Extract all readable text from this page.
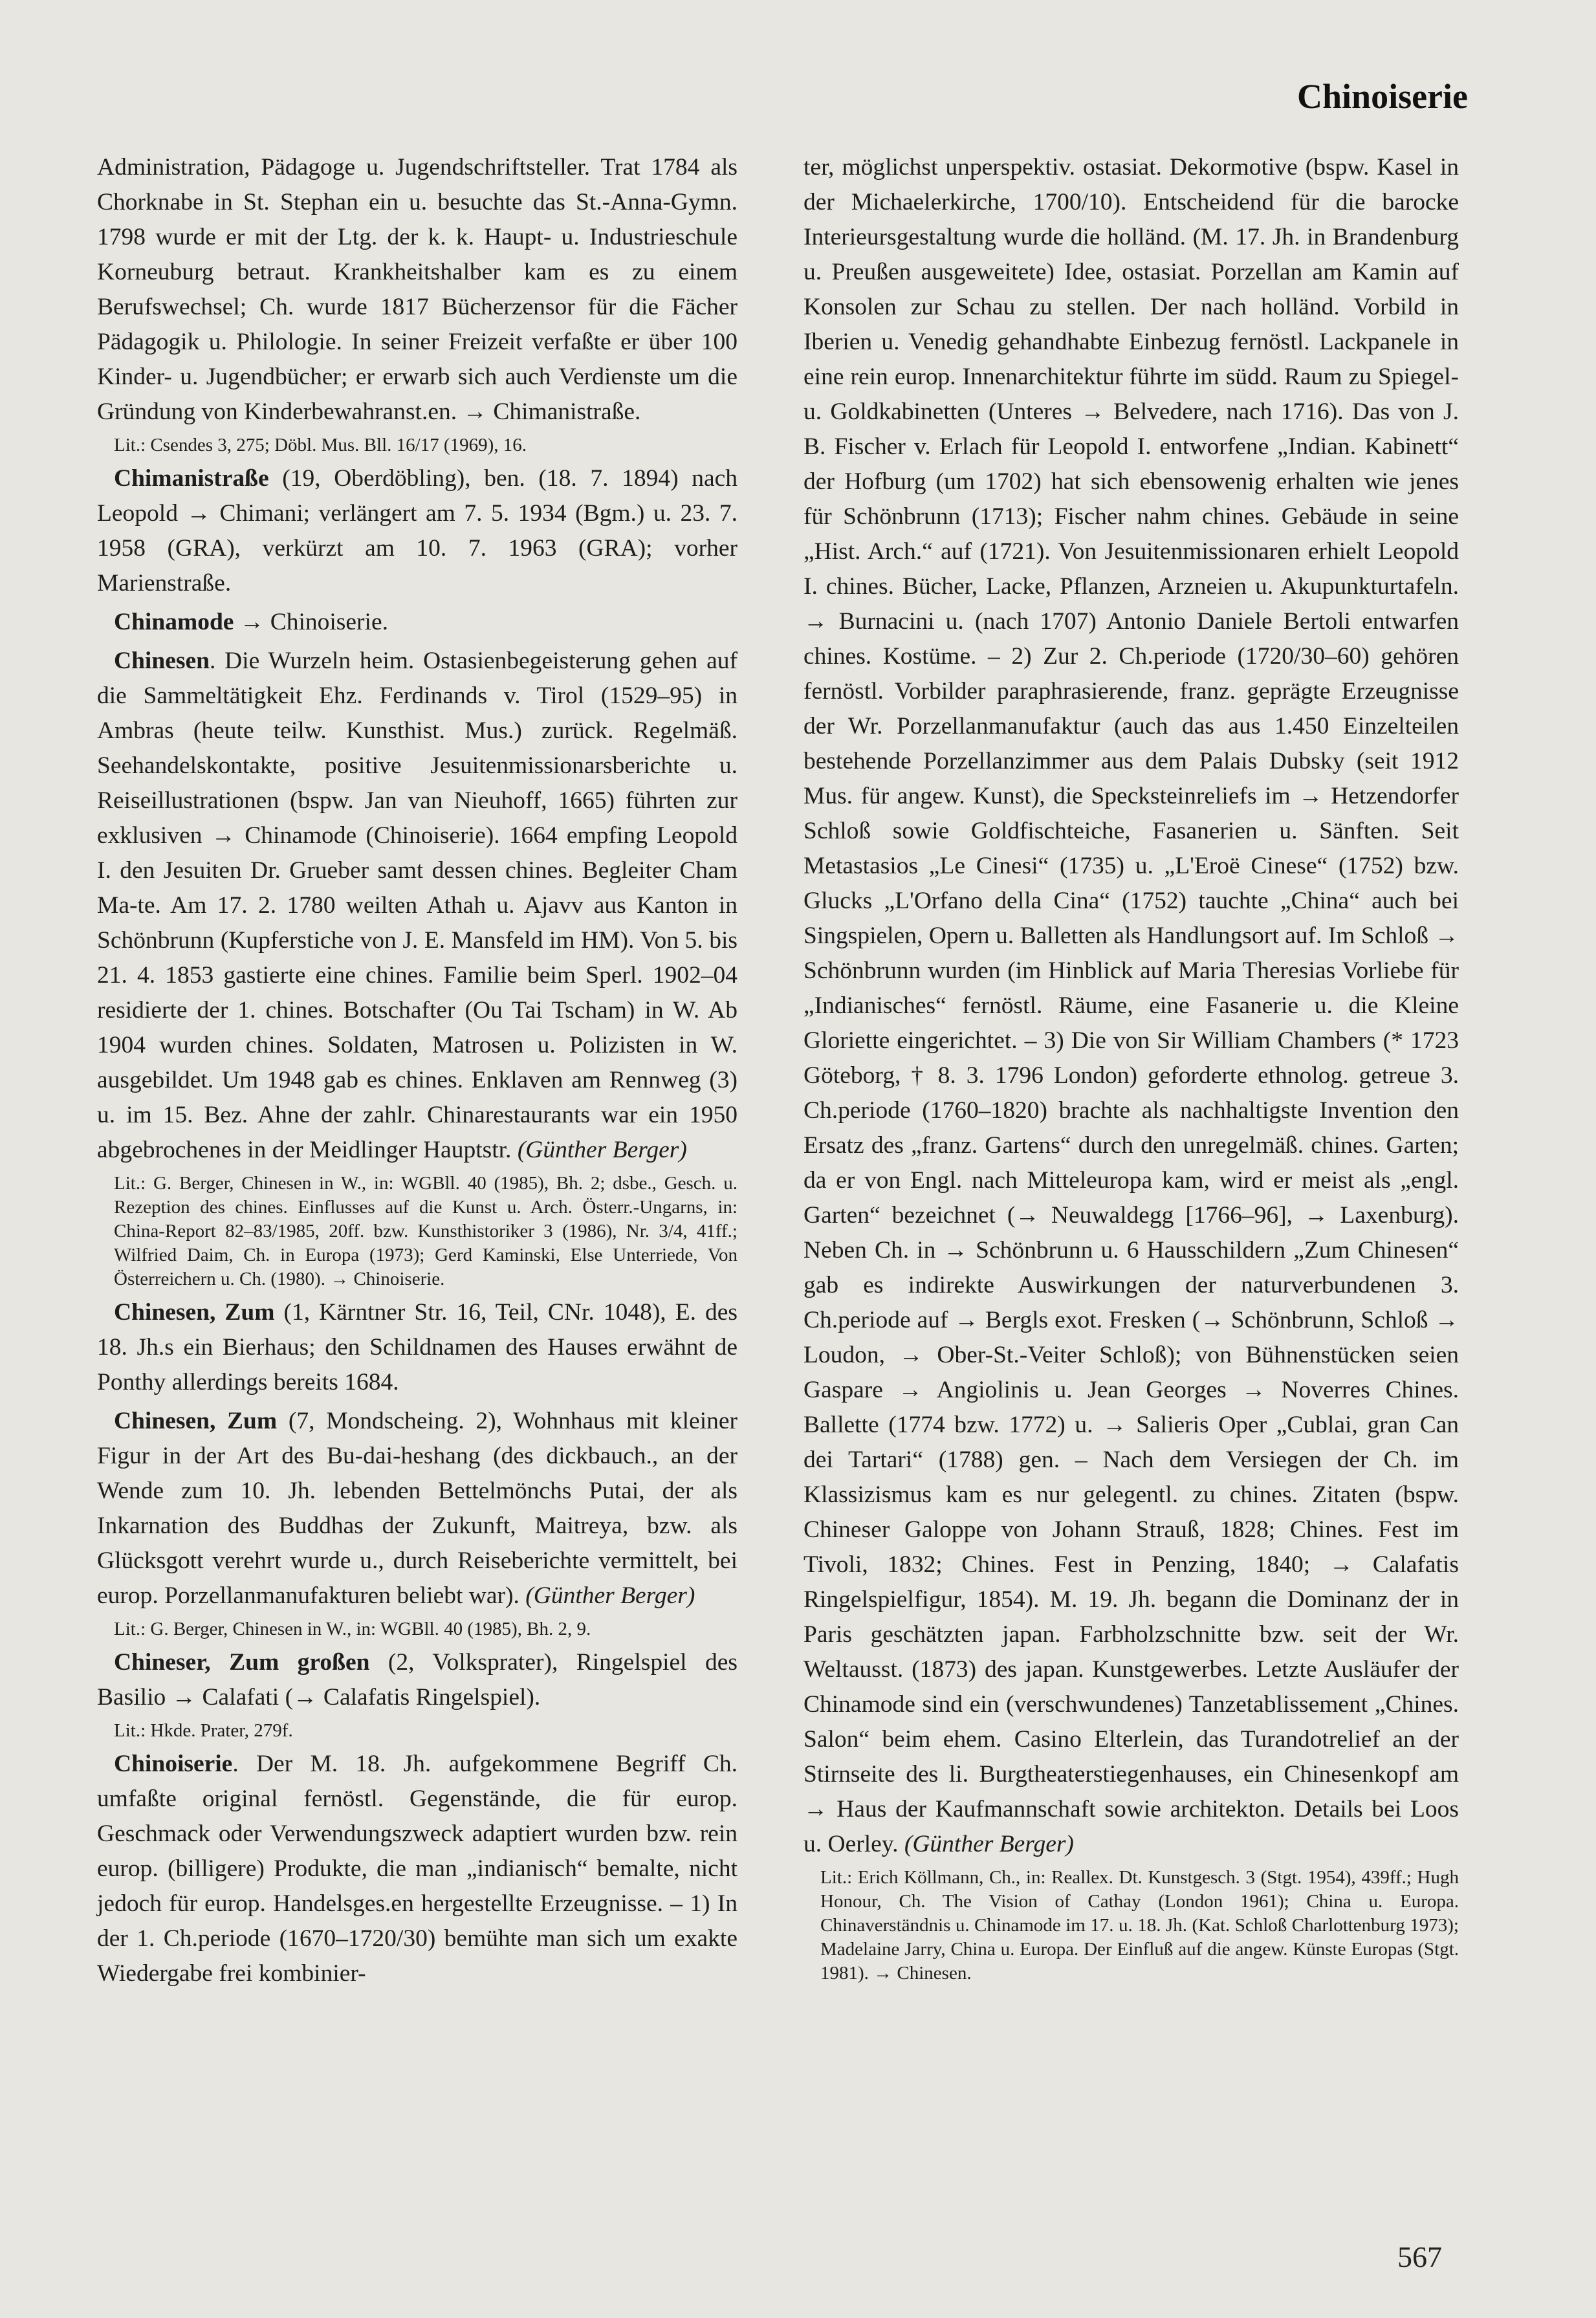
Chinoiserie

Administration, Pädagoge u. Jugendschriftsteller. Trat 1784 als Chorknabe in St. Stephan ein u. besuchte das St.-Anna-Gymn. 1798 wurde er mit der Ltg. der k. k. Haupt- u. Industrieschule Korneuburg betraut. Krankheitshalber kam es zu einem Berufswechsel; Ch. wurde 1817 Bücherzensor für die Fächer Pädagogik u. Philologie. In seiner Freizeit verfaßte er über 100 Kinder- u. Jugendbücher; er erwarb sich auch Verdienste um die Gründung von Kinderbewahranst.en. → Chimanistraße.

Lit.: Csendes 3, 275; Döbl. Mus. Bll. 16/17 (1969), 16.

Chimanistraße (19, Oberdöbling), ben. (18. 7. 1894) nach Leopold → Chimani; verlängert am 7. 5. 1934 (Bgm.) u. 23. 7. 1958 (GRA), verkürzt am 10. 7. 1963 (GRA); vorher Marienstraße.

Chinamode → Chinoiserie.

Chinesen. Die Wurzeln heim. Ostasienbegeisterung gehen auf die Sammeltätigkeit Ehz. Ferdinands v. Tirol (1529–95) in Ambras (heute teilw. Kunsthist. Mus.) zurück. Regelmäß. Seehandelskontakte, positive Jesuitenmissionarsberichte u. Reiseillustrationen (bspw. Jan van Nieuhoff, 1665) führten zur exklusiven → Chinamode (Chinoiserie). 1664 empfing Leopold I. den Jesuiten Dr. Grueber samt dessen chines. Begleiter Cham Ma-te. Am 17. 2. 1780 weilten Athah u. Ajavv aus Kanton in Schönbrunn (Kupferstiche von J. E. Mansfeld im HM). Von 5. bis 21. 4. 1853 gastierte eine chines. Familie beim Sperl. 1902–04 residierte der 1. chines. Botschafter (Ou Tai Tscham) in W. Ab 1904 wurden chines. Soldaten, Matrosen u. Polizisten in W. ausgebildet. Um 1948 gab es chines. Enklaven am Rennweg (3) u. im 15. Bez. Ahne der zahlr. Chinarestaurants war ein 1950 abgebrochenes in der Meidlinger Hauptstr. (Günther Berger)

Lit.: G. Berger, Chinesen in W., in: WGBll. 40 (1985), Bh. 2; dsbe., Gesch. u. Rezeption des chines. Einflusses auf die Kunst u. Arch. Österr.-Ungarns, in: China-Report 82–83/1985, 20ff. bzw. Kunsthistoriker 3 (1986), Nr. 3/4, 41ff.; Wilfried Daim, Ch. in Europa (1973); Gerd Kaminski, Else Unterriede, Von Österreichern u. Ch. (1980). → Chinoiserie.

Chinesen, Zum (1, Kärntner Str. 16, Teil, CNr. 1048), E. des 18. Jh.s ein Bierhaus; den Schildnamen des Hauses erwähnt de Ponthy allerdings bereits 1684.

Chinesen, Zum (7, Mondscheing. 2), Wohnhaus mit kleiner Figur in der Art des Bu-dai-heshang (des dickbauch., an der Wende zum 10. Jh. lebenden Bettelmönchs Putai, der als Inkarnation des Buddhas der Zukunft, Maitreya, bzw. als Glücksgott verehrt wurde u., durch Reiseberichte vermittelt, bei europ. Porzellanmanufakturen beliebt war). (Günther Berger)

Lit.: G. Berger, Chinesen in W., in: WGBll. 40 (1985), Bh. 2, 9.

Chineser, Zum großen (2, Volksprater), Ringelspiel des Basilio → Calafati (→ Calafatis Ringelspiel).

Lit.: Hkde. Prater, 279f.

Chinoiserie. Der M. 18. Jh. aufgekommene Begriff Ch. umfaßte original fernöstl. Gegenstände, die für europ. Geschmack oder Verwendungszweck adaptiert wurden bzw. rein europ. (billigere) Produkte, die man „indianisch“ bemalte, nicht jedoch für europ. Handelsges.en hergestellte Erzeugnisse. – 1) In der 1. Ch.periode (1670–1720/30) bemühte man sich um exakte Wiedergabe frei kombinier-

ter, möglichst unperspektiv. ostasiat. Dekormotive (bspw. Kasel in der Michaelerkirche, 1700/10). Entscheidend für die barocke Interieursgestaltung wurde die holländ. (M. 17. Jh. in Brandenburg u. Preußen ausgeweitete) Idee, ostasiat. Porzellan am Kamin auf Konsolen zur Schau zu stellen. Der nach holländ. Vorbild in Iberien u. Venedig gehandhabte Einbezug fernöstl. Lackpanele in eine rein europ. Innenarchitektur führte im südd. Raum zu Spiegel- u. Goldkabinetten (Unteres → Belvedere, nach 1716). Das von J. B. Fischer v. Erlach für Leopold I. entworfene „Indian. Kabinett“ der Hofburg (um 1702) hat sich ebensowenig erhalten wie jenes für Schönbrunn (1713); Fischer nahm chines. Gebäude in seine „Hist. Arch.“ auf (1721). Von Jesuitenmissionaren erhielt Leopold I. chines. Bücher, Lacke, Pflanzen, Arzneien u. Akupunkturtafeln. → Burnacini u. (nach 1707) Antonio Daniele Bertoli entwarfen chines. Kostüme. – 2) Zur 2. Ch.periode (1720/30–60) gehören fernöstl. Vorbilder paraphrasierende, franz. geprägte Erzeugnisse der Wr. Porzellanmanufaktur (auch das aus 1.450 Einzelteilen bestehende Porzellanzimmer aus dem Palais Dubsky (seit 1912 Mus. für angew. Kunst), die Specksteinreliefs im → Hetzendorfer Schloß sowie Goldfischteiche, Fasanerien u. Sänften. Seit Metastasios „Le Cinesi“ (1735) u. „L'Eroë Cinese“ (1752) bzw. Glucks „L'Orfano della Cina“ (1752) tauchte „China“ auch bei Singspielen, Opern u. Balletten als Handlungsort auf. Im Schloß → Schönbrunn wurden (im Hinblick auf Maria Theresias Vorliebe für „Indianisches“ fernöstl. Räume, eine Fasanerie u. die Kleine Gloriette eingerichtet. – 3) Die von Sir William Chambers (* 1723 Göteborg, † 8. 3. 1796 London) geforderte ethnolog. getreue 3. Ch.periode (1760–1820) brachte als nachhaltigste Invention den Ersatz des „franz. Gartens“ durch den unregelmäß. chines. Garten; da er von Engl. nach Mitteleuropa kam, wird er meist als „engl. Garten“ bezeichnet (→ Neuwaldegg [1766–96], → Laxenburg). Neben Ch. in → Schönbrunn u. 6 Hausschildern „Zum Chinesen“ gab es indirekte Auswirkungen der naturverbundenen 3. Ch.periode auf → Bergls exot. Fresken (→ Schönbrunn, Schloß → Loudon, → Ober-St.-Veiter Schloß); von Bühnenstücken seien Gaspare → Angiolinis u. Jean Georges → Noverres Chines. Ballette (1774 bzw. 1772) u. → Salieris Oper „Cublai, gran Can dei Tartari“ (1788) gen. – Nach dem Versiegen der Ch. im Klassizismus kam es nur gelegentl. zu chines. Zitaten (bspw. Chineser Galoppe von Johann Strauß, 1828; Chines. Fest im Tivoli, 1832; Chines. Fest in Penzing, 1840; → Calafatis Ringelspielfigur, 1854). M. 19. Jh. begann die Dominanz der in Paris geschätzten japan. Farbholzschnitte bzw. seit der Wr. Weltausst. (1873) des japan. Kunstgewerbes. Letzte Ausläufer der Chinamode sind ein (verschwundenes) Tanzetablissement „Chines. Salon“ beim ehem. Casino Elterlein, das Turandotrelief an der Stirnseite des li. Burgtheaterstiegenhauses, ein Chinesenkopf am → Haus der Kaufmannschaft sowie architekton. Details bei Loos u. Oerley. (Günther Berger)

Lit.: Erich Köllmann, Ch., in: Reallex. Dt. Kunstgesch. 3 (Stgt. 1954), 439ff.; Hugh Honour, Ch. The Vision of Cathay (London 1961); China u. Europa. Chinaverständnis u. Chinamode im 17. u. 18. Jh. (Kat. Schloß Charlottenburg 1973); Madelaine Jarry, China u. Europa. Der Einfluß auf die angew. Künste Europas (Stgt. 1981). → Chinesen.

567
